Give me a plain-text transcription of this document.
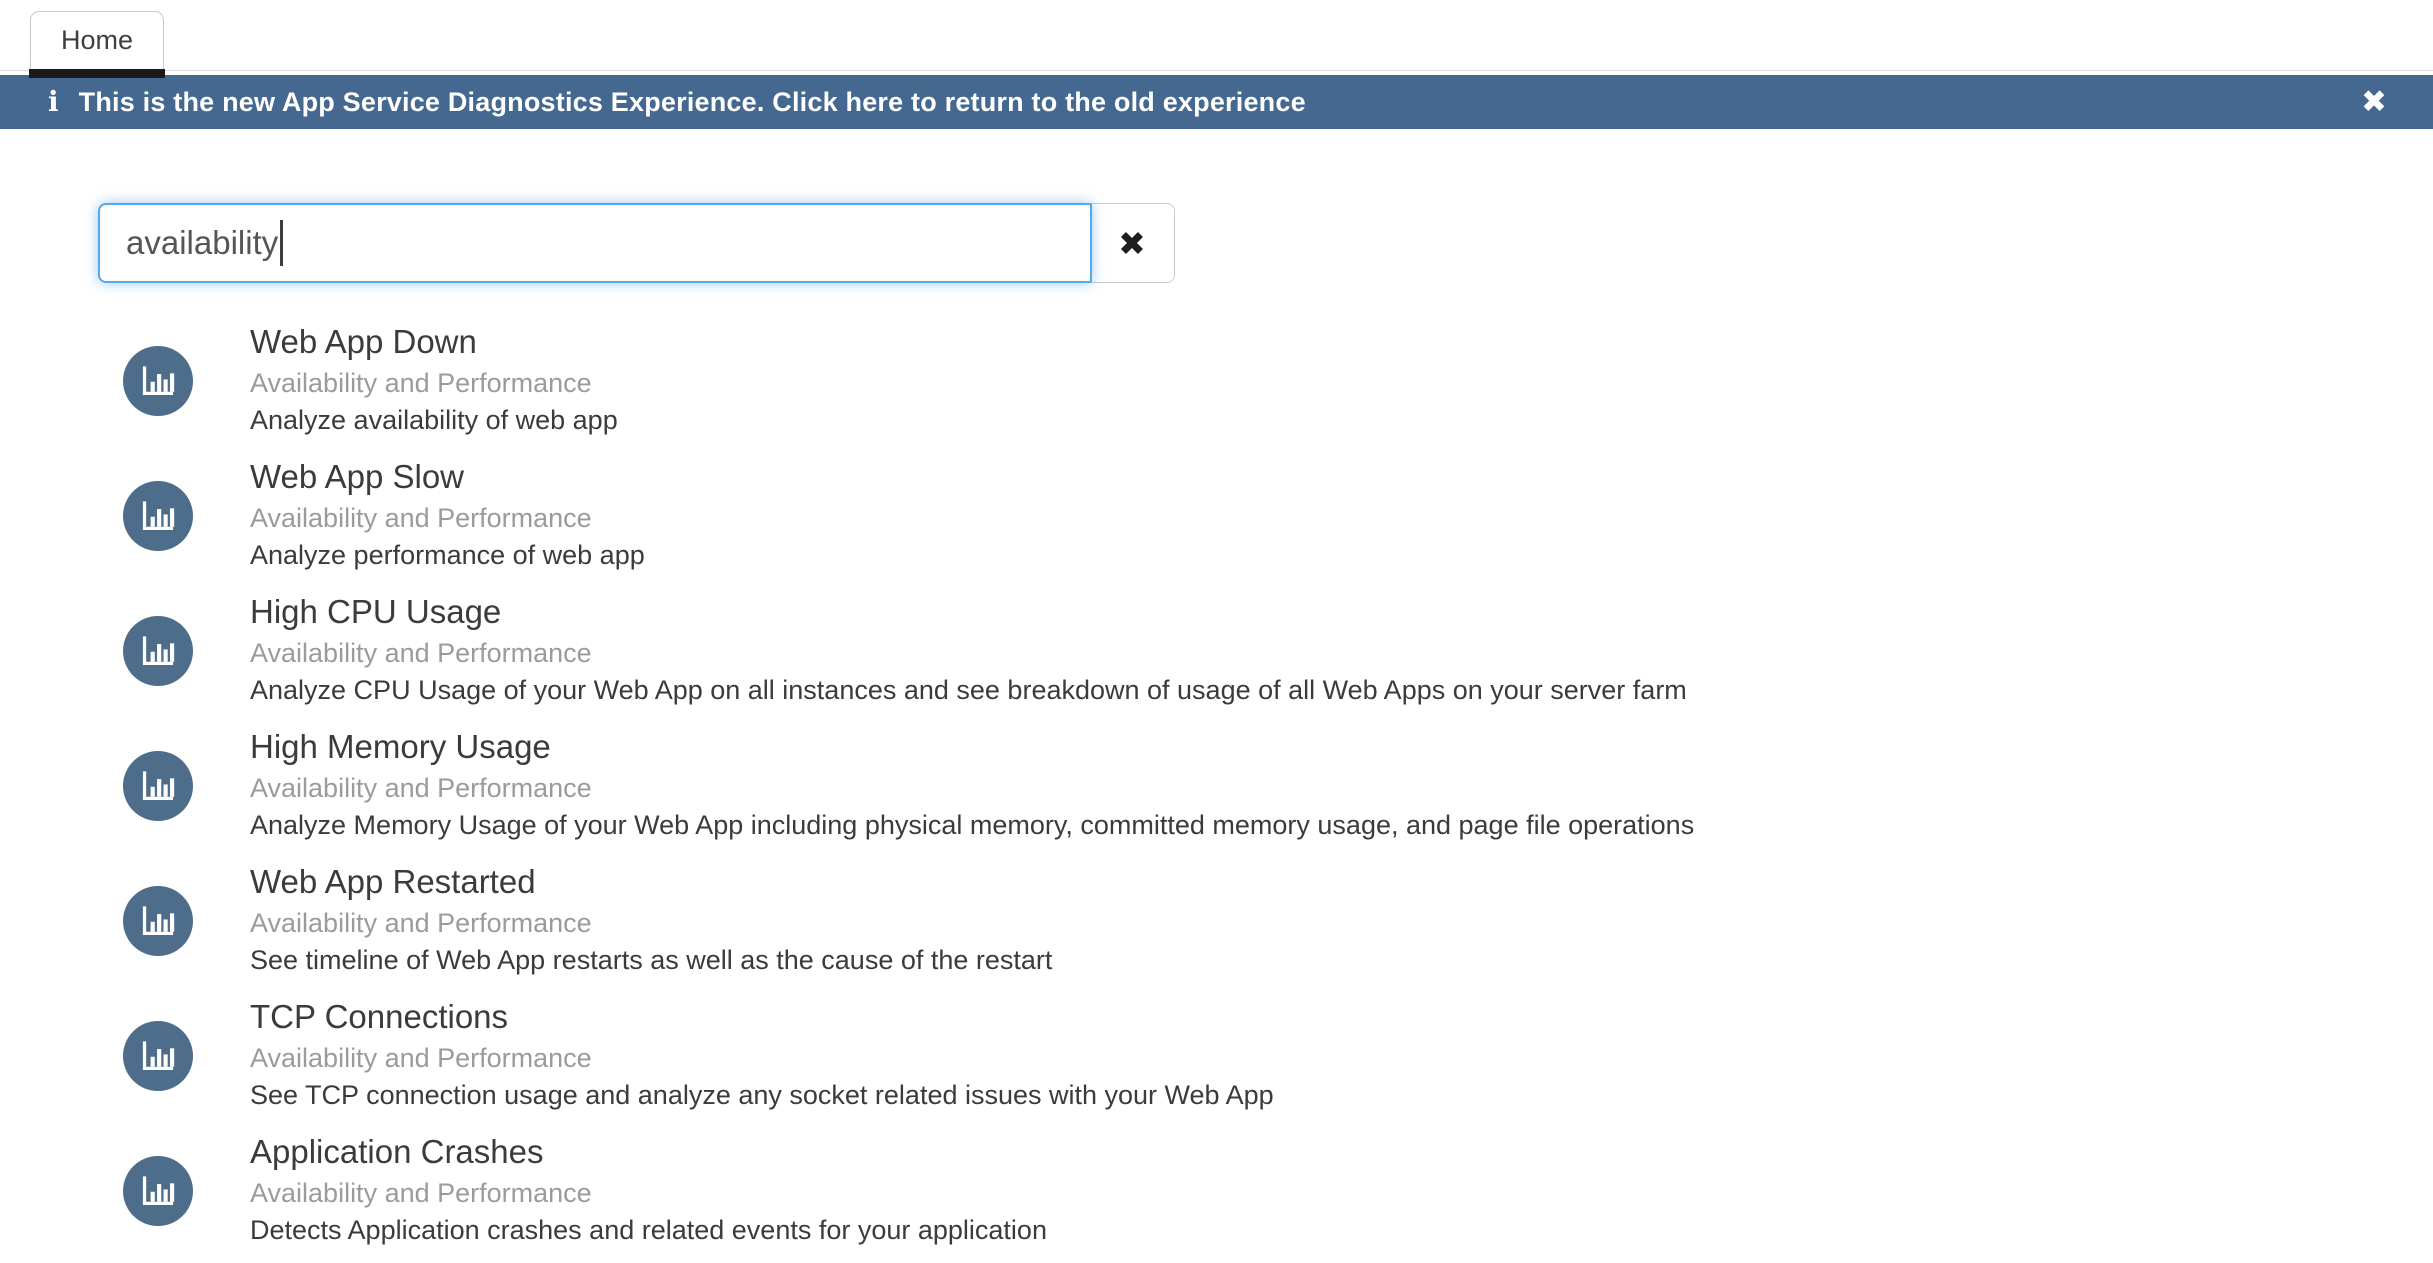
Home
ℹ This is the new App Service Diagnostics Experience. Click here to return to the old experience	✖
availability	✖
Web App Down
Availability and Performance
Analyze availability of web app
Web App Slow
Availability and Performance
Analyze performance of web app
High CPU Usage
Availability and Performance
Analyze CPU Usage of your Web App on all instances and see breakdown of usage of all Web Apps on your server farm
High Memory Usage
Availability and Performance
Analyze Memory Usage of your Web App including physical memory, committed memory usage, and page file operations
Web App Restarted
Availability and Performance
See timeline of Web App restarts as well as the cause of the restart
TCP Connections
Availability and Performance
See TCP connection usage and analyze any socket related issues with your Web App
Application Crashes
Availability and Performance
Detects Application crashes and related events for your application
